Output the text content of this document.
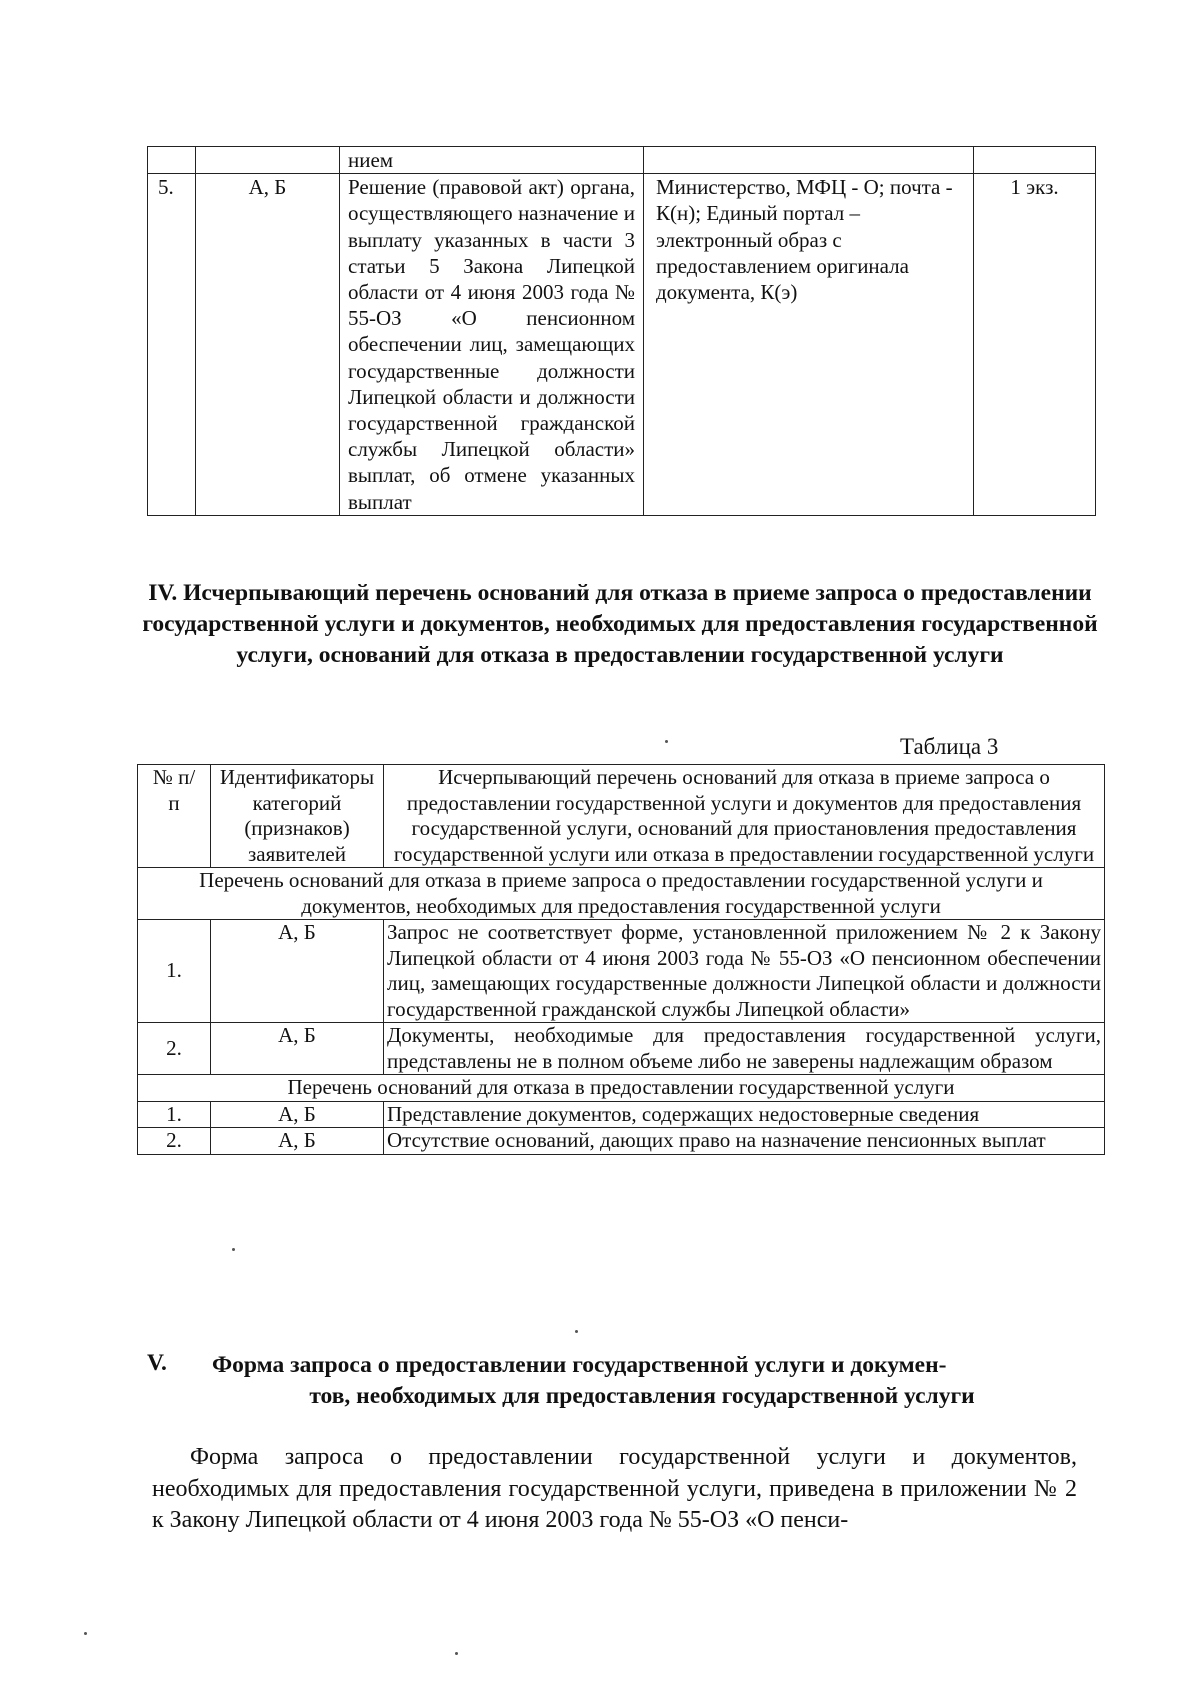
		нием		
5.	А, Б	Решение (правовой акт) органа, осуществляющего назначение и выплату указанных в части 3 статьи 5 Закона Липецкой области от 4 июня 2003 года № 55-ОЗ «О пенсионном обеспечении лиц, замещающих государственные должности Липецкой области и должности государственной гражданской службы Липецкой области» выплат, об отмене указанных выплат	Министерство, МФЦ - О; почта - К(н); Единый портал – электронный образ с предоставлением оригинала документа, К(э)	1 экз.
IV. Исчерпывающий перечень оснований для отказа в приеме запроса о предоставлении государственной услуги и документов, необходимых для предоставления государственной услуги, оснований для отказа в предоставлении государственной услуги
Таблица 3
№ п/п	Идентификаторы категорий (признаков) заявителей	Исчерпывающий перечень оснований для отказа в приеме запроса о предоставлении государственной услуги и документов для предоставления государственной услуги, оснований для приостановления предоставления государственной услуги или отказа в предоставлении государственной услуги
Перечень оснований для отказа в приеме запроса о предоставлении государственной услуги и документов, необходимых для предоставления государственной услуги		
1.	А, Б	Запрос не соответствует форме, установленной приложением № 2 к Закону Липецкой области от 4 июня 2003 года № 55-ОЗ «О пенсионном обеспечении лиц, замещающих государственные должности Липецкой области и должности государственной гражданской службы Липецкой области»
2.	А, Б	Документы, необходимые для предоставления государственной услуги, представлены не в полном объеме либо не заверены надлежащим образом
Перечень оснований для отказа в предоставлении государственной услуги		
1.	А, Б	Представление документов, содержащих недостоверные сведения
2.	А, Б	Отсутствие оснований, дающих право на назначение пенсионных выплат
V. Форма запроса о предоставлении государственной услуги и докумен-
тов, необходимых для предоставления государственной услуги

Форма запроса о предоставлении государственной услуги и документов, необходимых для предоставления государственной услуги, приведена в приложении № 2 к Закону Липецкой области от 4 июня 2003 года № 55-ОЗ «О пенси-
